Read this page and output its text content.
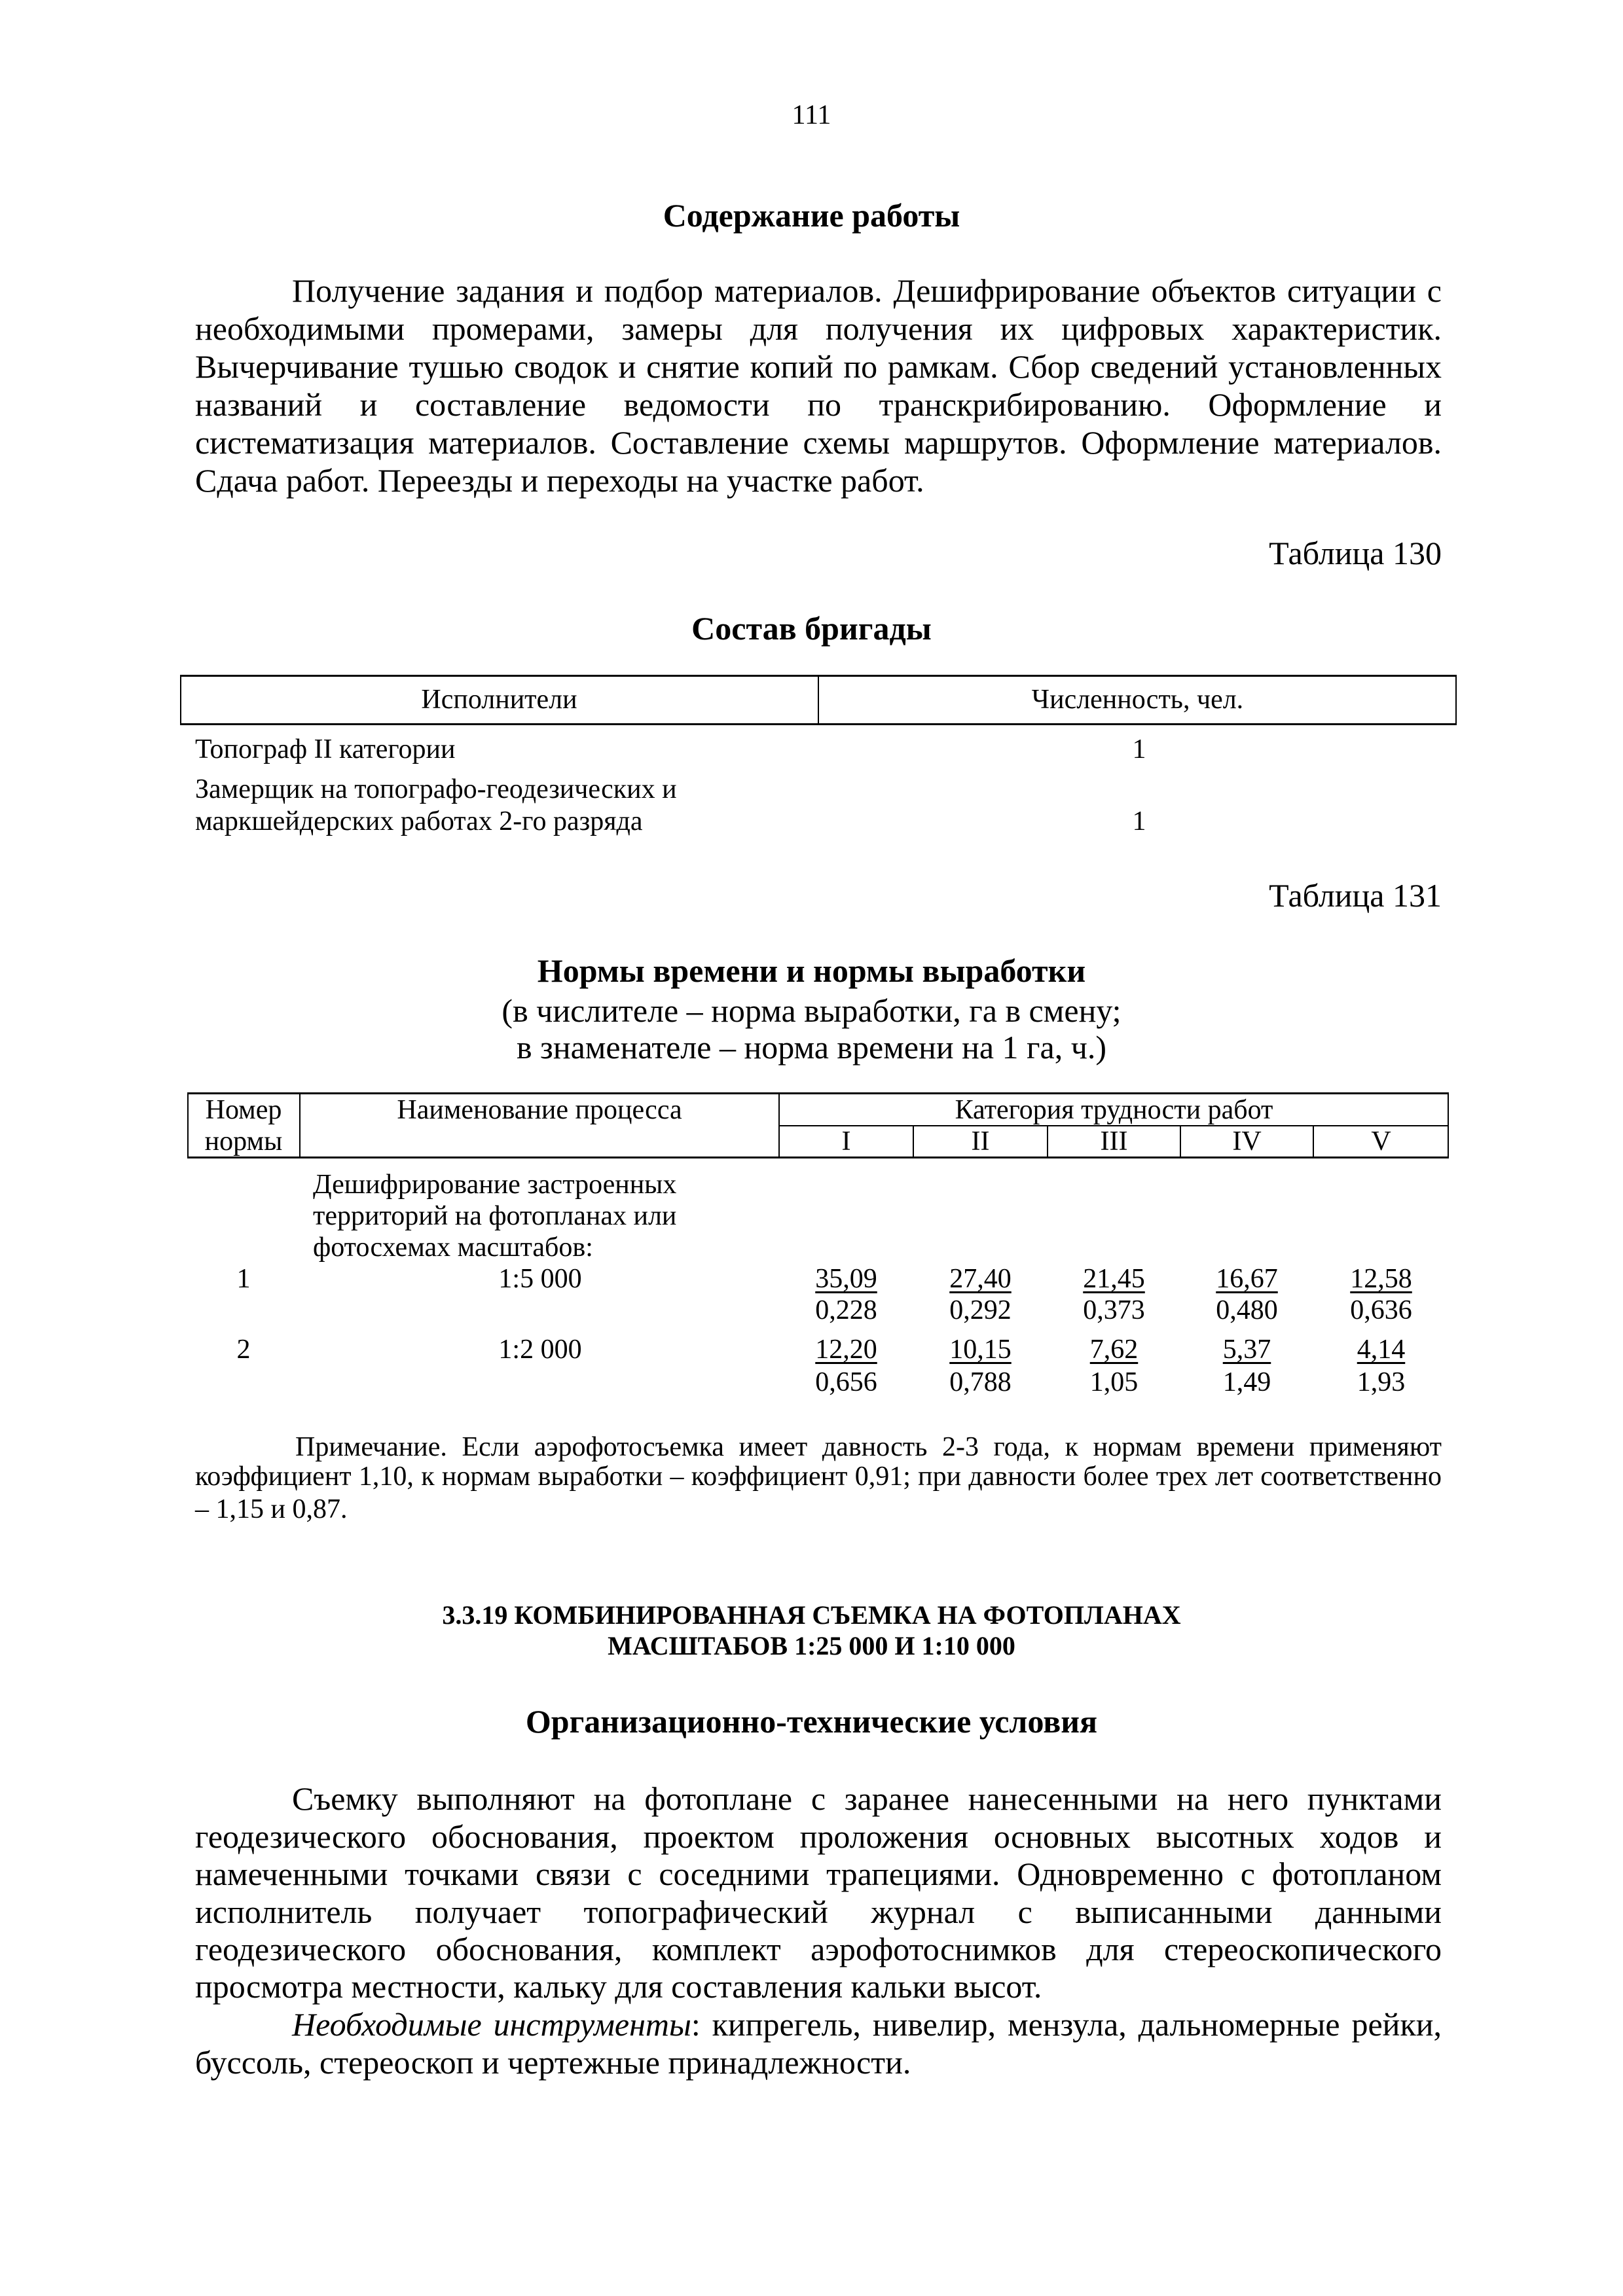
111
Содержание работы
Получение задания и подбор материалов. Дешифрирование объектов ситуации с
необходимыми промерами, замеры для получения их цифровых характеристик.
Вычерчивание тушью сводок и снятие копий по рамкам. Сбор сведений установленных
названий и составление ведомости по транскрибированию. Оформление и
систематизация материалов. Составление схемы маршрутов. Оформление материалов.
Сдача работ. Переезды и переходы на участке работ.
Таблица 130
Состав бригады
Исполнители	Численность, чел.
Топограф II категории	1
Замерщик на топографо-геодезических и
маркшейдерских работах 2-го разряда	1
Таблица 131
Нормы времени и нормы выработки
(в числителе – норма выработки, га в смену;
в знаменателе – норма времени на 1 га, ч.)
Номер
нормы
Наименование процесса	Категория трудности работ
I	II	III	IV	V
Дешифрирование застроенных
территорий на фотопланах или
фотосхемах масштабов:
1	1:5 000	35,09	27,40	21,45	16,67	12,58
0,228	0,292	0,373	0,480	0,636
2	1:2 000	12,20	10,15	7,62	5,37	4,14
0,656	0,788	1,05	1,49	1,93
Примечание. Если аэрофотосъемка имеет давность 2-3 года, к нормам времени применяют
коэффициент 1,10, к нормам выработки – коэффициент 0,91; при давности более трех лет соответственно
– 1,15 и 0,87.
3.3.19 КОМБИНИРОВАННАЯ СЪЕМКА НА ФОТОПЛАНАХ
МАСШТАБОВ 1:25 000 И 1:10 000
Организационно-технические условия
Съемку выполняют на фотоплане с заранее нанесенными на него пунктами
геодезического обоснования, проектом проложения основных высотных ходов и
намеченными точками связи с соседними трапециями. Одновременно с фотопланом
исполнитель получает топографический журнал с выписанными данными
геодезического обоснования, комплект аэрофотоснимков для стереоскопического
просмотра местности, кальку для составления кальки высот.
Необходимые инструменты: кипрегель, нивелир, мензула, дальномерные рейки,
буссоль, стереоскоп и чертежные принадлежности.
